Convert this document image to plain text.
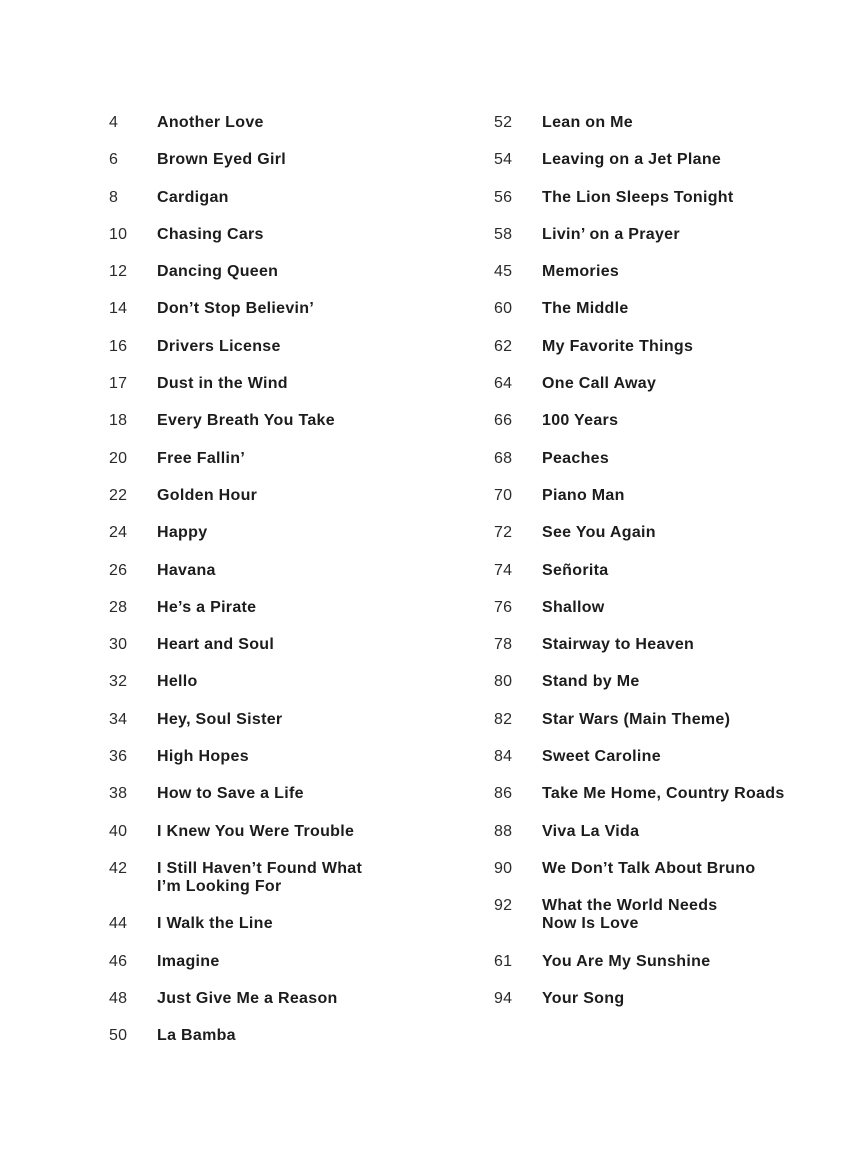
4	Another Love
6	Brown Eyed Girl
8	Cardigan
10	Chasing Cars
12	Dancing Queen
14	Don’t Stop Believin’
16	Drivers License
17	Dust in the Wind
18	Every Breath You Take
20	Free Fallin’
22	Golden Hour
24	Happy
26	Havana
28	He’s a Pirate
30	Heart and Soul
32	Hello
34	Hey, Soul Sister
36	High Hopes
38	How to Save a Life
40	I Knew You Were Trouble
42	I Still Haven’t Found What
I’m Looking For
44	I Walk the Line
46	Imagine
48	Just Give Me a Reason
50	La Bamba
52	Lean on Me
54	Leaving on a Jet Plane
56	The Lion Sleeps Tonight
58	Livin’ on a Prayer
45	Memories
60	The Middle
62	My Favorite Things
64	One Call Away
66	100 Years
68	Peaches
70	Piano Man
72	See You Again
74	Señorita
76	Shallow
78	Stairway to Heaven
80	Stand by Me
82	Star Wars (Main Theme)
84	Sweet Caroline
86	Take Me Home, Country Roads
88	Viva La Vida
90	We Don’t Talk About Bruno
92	What the World Needs
Now Is Love
61	You Are My Sunshine
94	Your Song
